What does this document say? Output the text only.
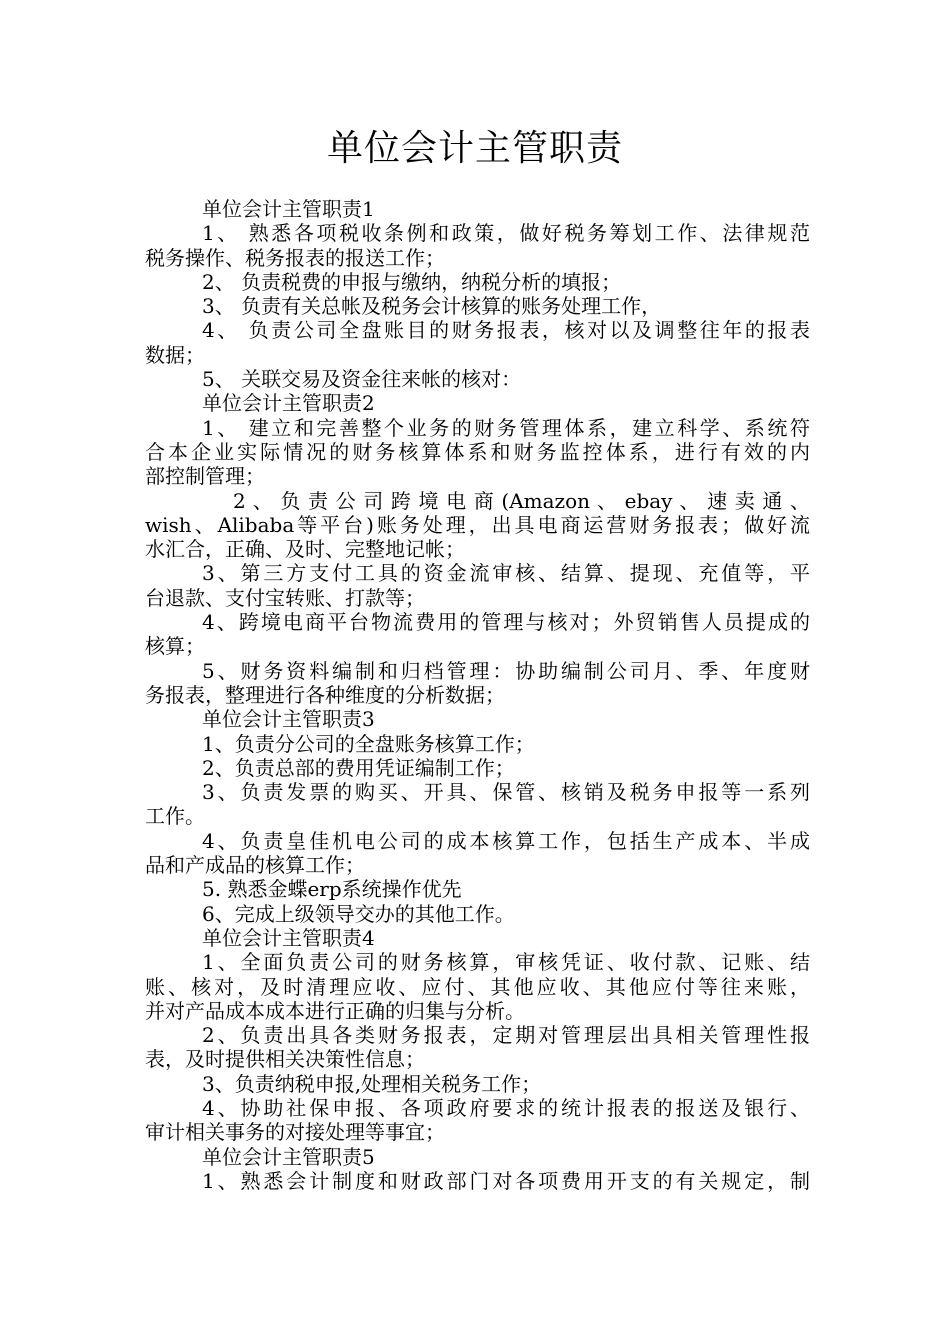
单位会计主管职责

单位会计主管职责1

1、 熟悉各项税收条例和政策，做好税务筹划工作、法律规范

税务操作、税务报表的报送工作；

2、 负责税费的申报与缴纳，纳税分析的填报；

3、 负责有关总帐及税务会计核算的账务处理工作，

4、 负责公司全盘账目的财务报表，核对以及调整往年的报表

数据；

5、 关联交易及资金往来帐的核对：

单位会计主管职责2

1、 建立和完善整个业务的财务管理体系，建立科学、系统符

合本企业实际情况的财务核算体系和财务监控体系，进行有效的内

部控制管理；

2 、 负 责 公 司 跨 境 电 商 (Amazon 、 ebay 、 速 卖 通 、

wish、Alibaba等平台)账务处理，出具电商运营财务报表；做好流

水汇合，正确、及时、完整地记帐；

3、第三方支付工具的资金流审核、结算、提现、充值等，平

台退款、支付宝转账、打款等；

4、跨境电商平台物流费用的管理与核对；外贸销售人员提成的

核算；

5、财务资料编制和归档管理：协助编制公司月、季、年度财

务报表，整理进行各种维度的分析数据；

单位会计主管职责3

1、负责分公司的全盘账务核算工作；

2、负责总部的费用凭证编制工作；

3、负责发票的购买、开具、保管、核销及税务申报等一系列

工作。

4、负责皇佳机电公司的成本核算工作，包括生产成本、半成

品和产成品的核算工作；

5. 熟悉金蝶erp系统操作优先

6、完成上级领导交办的其他工作。

单位会计主管职责4

1、全面负责公司的财务核算，审核凭证、收付款、记账、结

账、核对，及时清理应收、应付、其他应收、其他应付等往来账，

并对产品成本成本进行正确的归集与分析。

2、负责出具各类财务报表，定期对管理层出具相关管理性报

表，及时提供相关决策性信息；

3、负责纳税申报,处理相关税务工作；

4、协助社保申报、各项政府要求的统计报表的报送及银行、

审计相关事务的对接处理等事宜；

单位会计主管职责5

1、熟悉会计制度和财政部门对各项费用开支的有关规定，制
